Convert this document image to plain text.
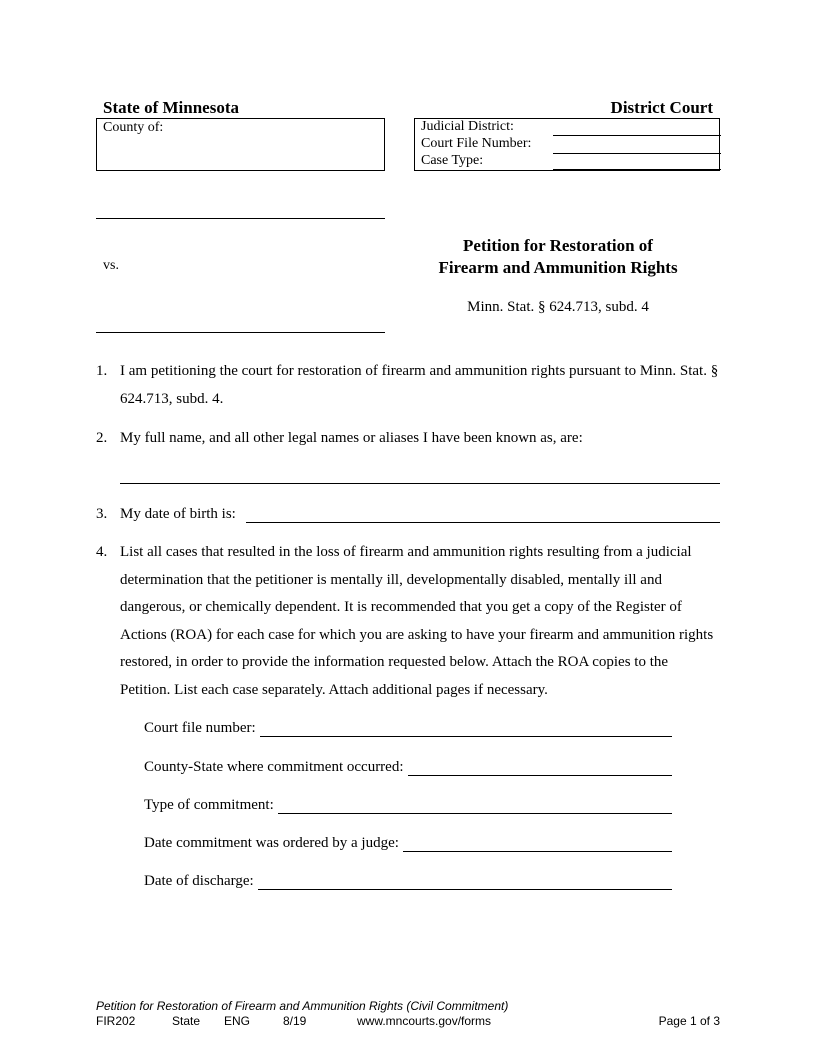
State of Minnesota	District Court
County of:	Judicial District:
Court File Number:
Case Type:
vs.
Petition for Restoration of
Firearm and Ammunition Rights
Minn. Stat. § 624.713, subd. 4
1. I am petitioning the court for restoration of firearm and ammunition rights pursuant to Minn. Stat. § 624.713, subd. 4.
2. My full name, and all other legal names or aliases I have been known as, are:
3. My date of birth is:
4. List all cases that resulted in the loss of firearm and ammunition rights resulting from a judicial determination that the petitioner is mentally ill, developmentally disabled, mentally ill and dangerous, or chemically dependent. It is recommended that you get a copy of the Register of Actions (ROA) for each case for which you are asking to have your firearm and ammunition rights restored, in order to provide the information requested below. Attach the ROA copies to the Petition. List each case separately. Attach additional pages if necessary.
Court file number:
County-State where commitment occurred:
Type of commitment:
Date commitment was ordered by a judge:
Date of discharge:
Petition for Restoration of Firearm and Ammunition Rights (Civil Commitment)
FIR202	State ENG	8/19	www.mncourts.gov/forms	Page 1 of 3
